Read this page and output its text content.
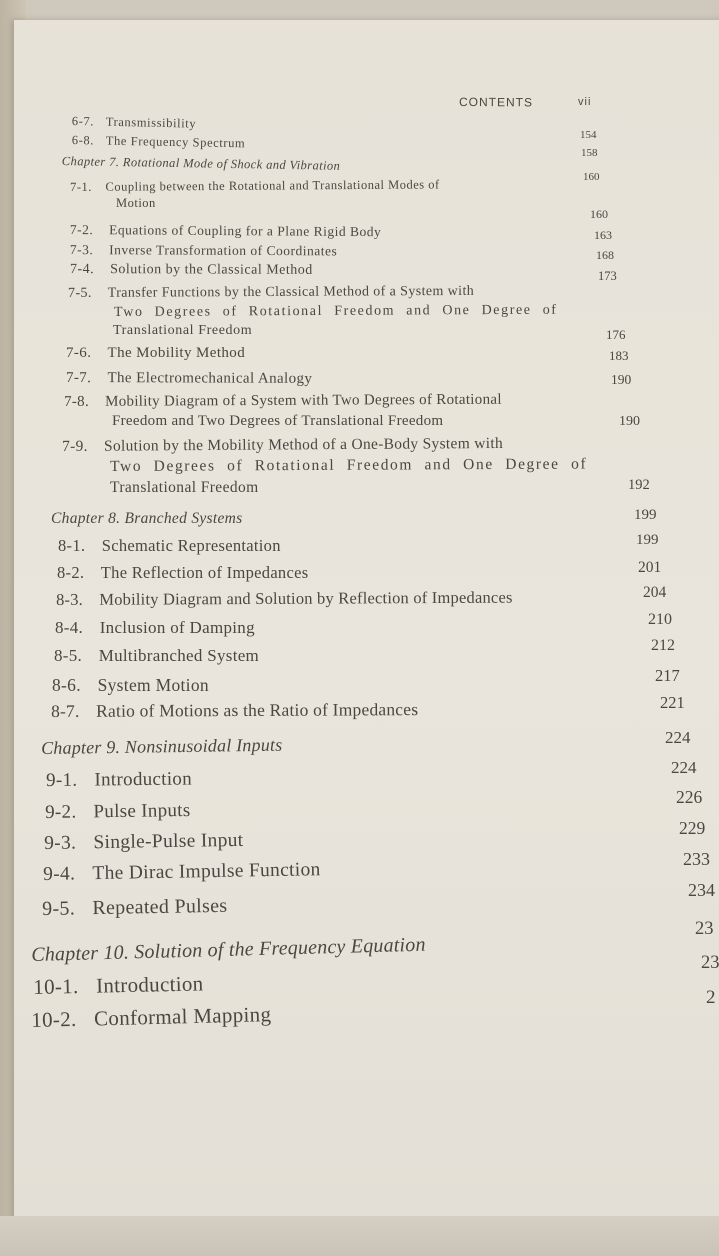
CONTENTS	vii
6-7. Transmissibility
6-8. The Frequency Spectrum
Chapter 7. Rotational Mode of Shock and Vibration
7-1. Coupling between the Rotational and Translational Modes of
Motion
7-2. Equations of Coupling for a Plane Rigid Body
7-3. Inverse Transformation of Coordinates
7-4. Solution by the Classical Method
7-5. Transfer Functions by the Classical Method of a System with
Two Degrees of Rotational Freedom and One Degree of
Translational Freedom
7-6. The Mobility Method
7-7. The Electromechanical Analogy
7-8. Mobility Diagram of a System with Two Degrees of Rotational
Freedom and Two Degrees of Translational Freedom
7-9. Solution by the Mobility Method of a One-Body System with
Two Degrees of Rotational Freedom and One Degree of
Translational Freedom
Chapter 8. Branched Systems
8-1. Schematic Representation
8-2. The Reflection of Impedances
8-3. Mobility Diagram and Solution by Reflection of Impedances
8-4. Inclusion of Damping
8-5. Multibranched System
8-6. System Motion
8-7. Ratio of Motions as the Ratio of Impedances
Chapter 9. Nonsinusoidal Inputs
9-1. Introduction
9-2. Pulse Inputs
9-3. Single-Pulse Input
9-4. The Dirac Impulse Function
9-5. Repeated Pulses
Chapter 10. Solution of the Frequency Equation
10-1. Introduction
10-2. Conformal Mapping
154
158
160
160
163
168
173
176
183
190
190
192
199
199
201
204
210
212
217
221
224
224
226
229
233
234
23
23
2
